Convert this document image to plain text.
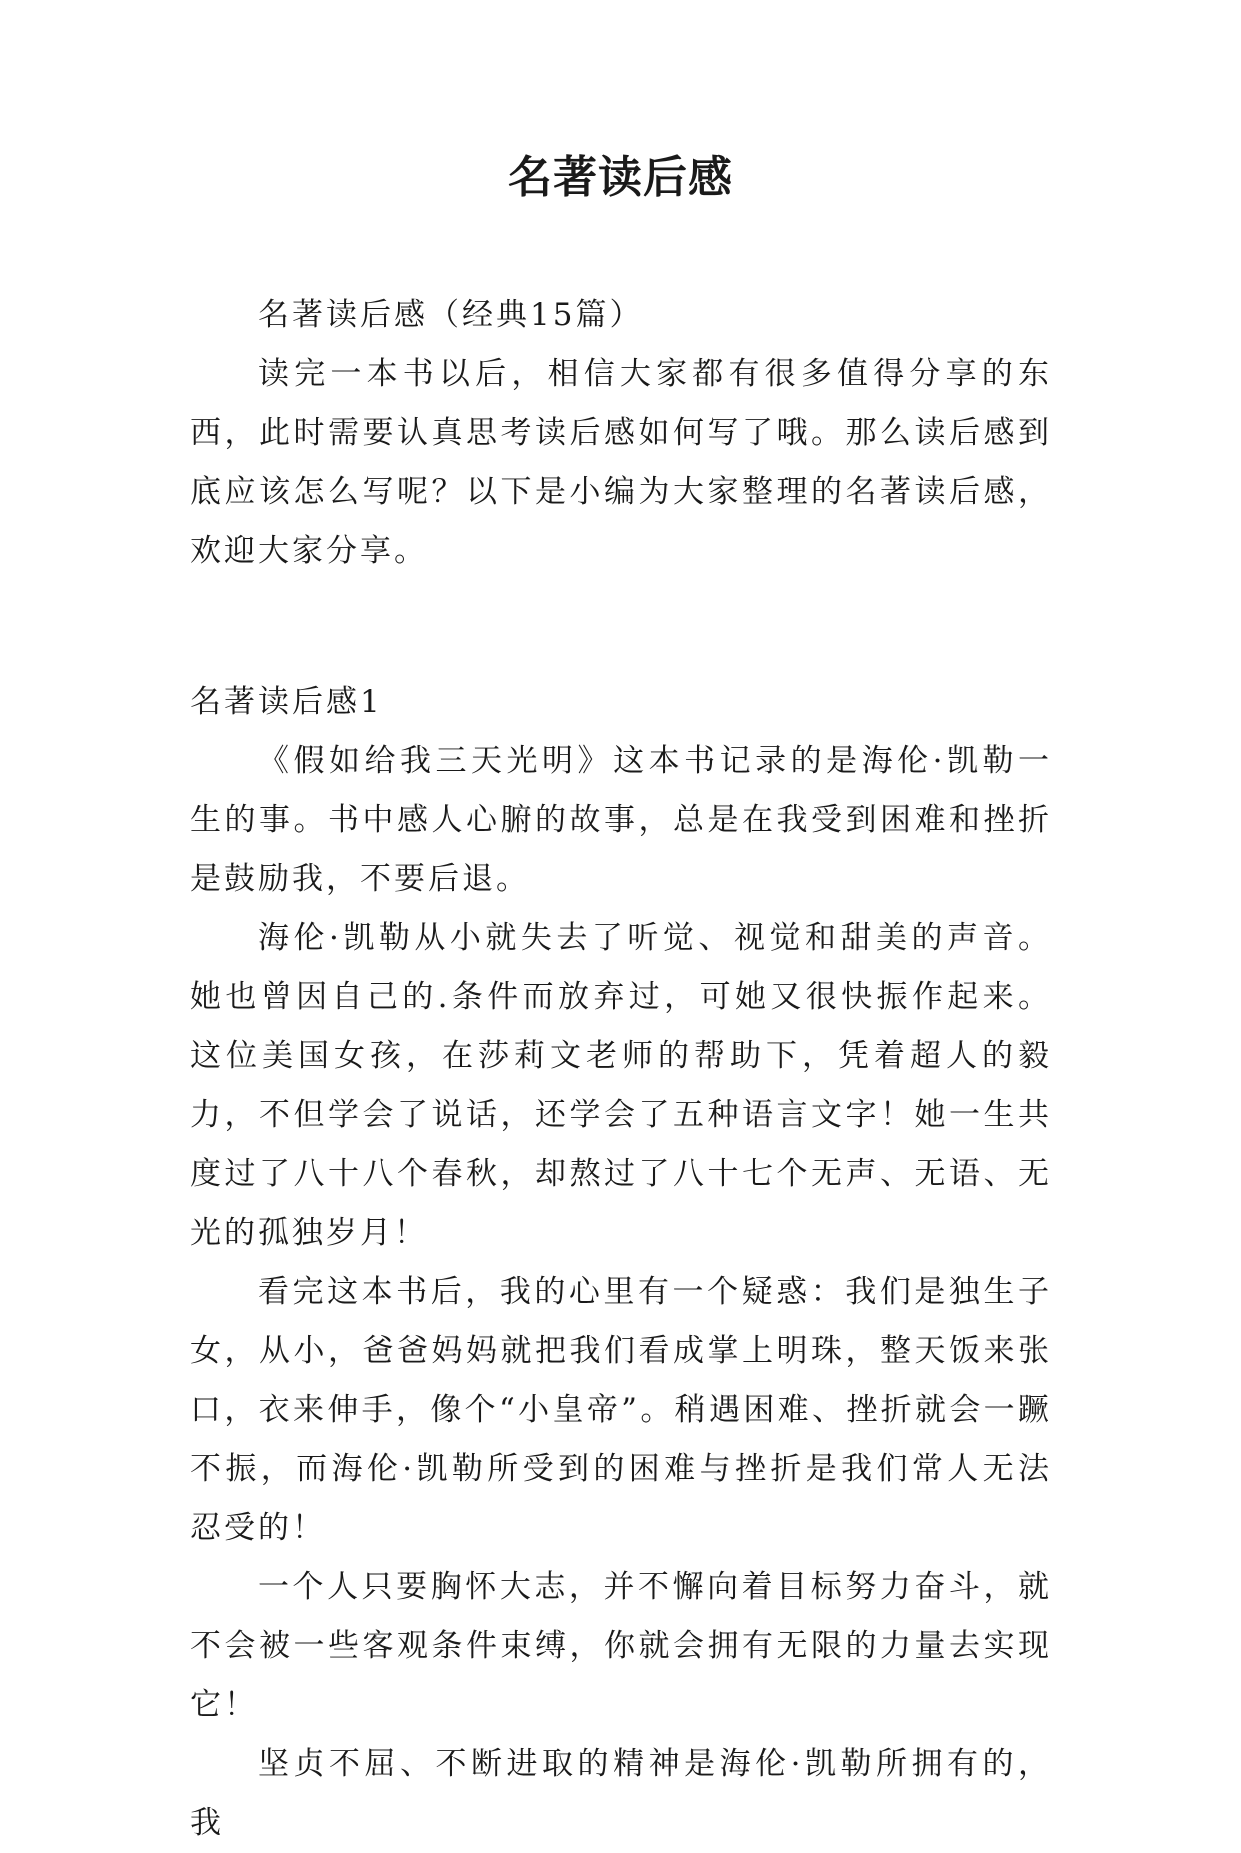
名著读后感

名著读后感（经典15篇）

读完一本书以后，相信大家都有很多值得分享的东西，此时需要认真思考读后感如何写了哦。那么读后感到底应该怎么写呢？以下是小编为大家整理的名著读后感，欢迎大家分享。

名著读后感1

《假如给我三天光明》这本书记录的是海伦·凯勒一生的事。书中感人心腑的故事，总是在我受到困难和挫折是鼓励我，不要后退。

海伦·凯勒从小就失去了听觉、视觉和甜美的声音。她也曾因自己的.条件而放弃过，可她又很快振作起来。这位美国女孩，在莎莉文老师的帮助下，凭着超人的毅力，不但学会了说话，还学会了五种语言文字！她一生共度过了八十八个春秋，却熬过了八十七个无声、无语、无光的孤独岁月！

看完这本书后，我的心里有一个疑惑：我们是独生子女，从小，爸爸妈妈就把我们看成掌上明珠，整天饭来张口，衣来伸手，像个“小皇帝”。稍遇困难、挫折就会一蹶不振，而海伦·凯勒所受到的困难与挫折是我们常人无法忍受的！

一个人只要胸怀大志，并不懈向着目标努力奋斗，就不会被一些客观条件束缚，你就会拥有无限的力量去实现它！

坚贞不屈、不断进取的精神是海伦·凯勒所拥有的，我
